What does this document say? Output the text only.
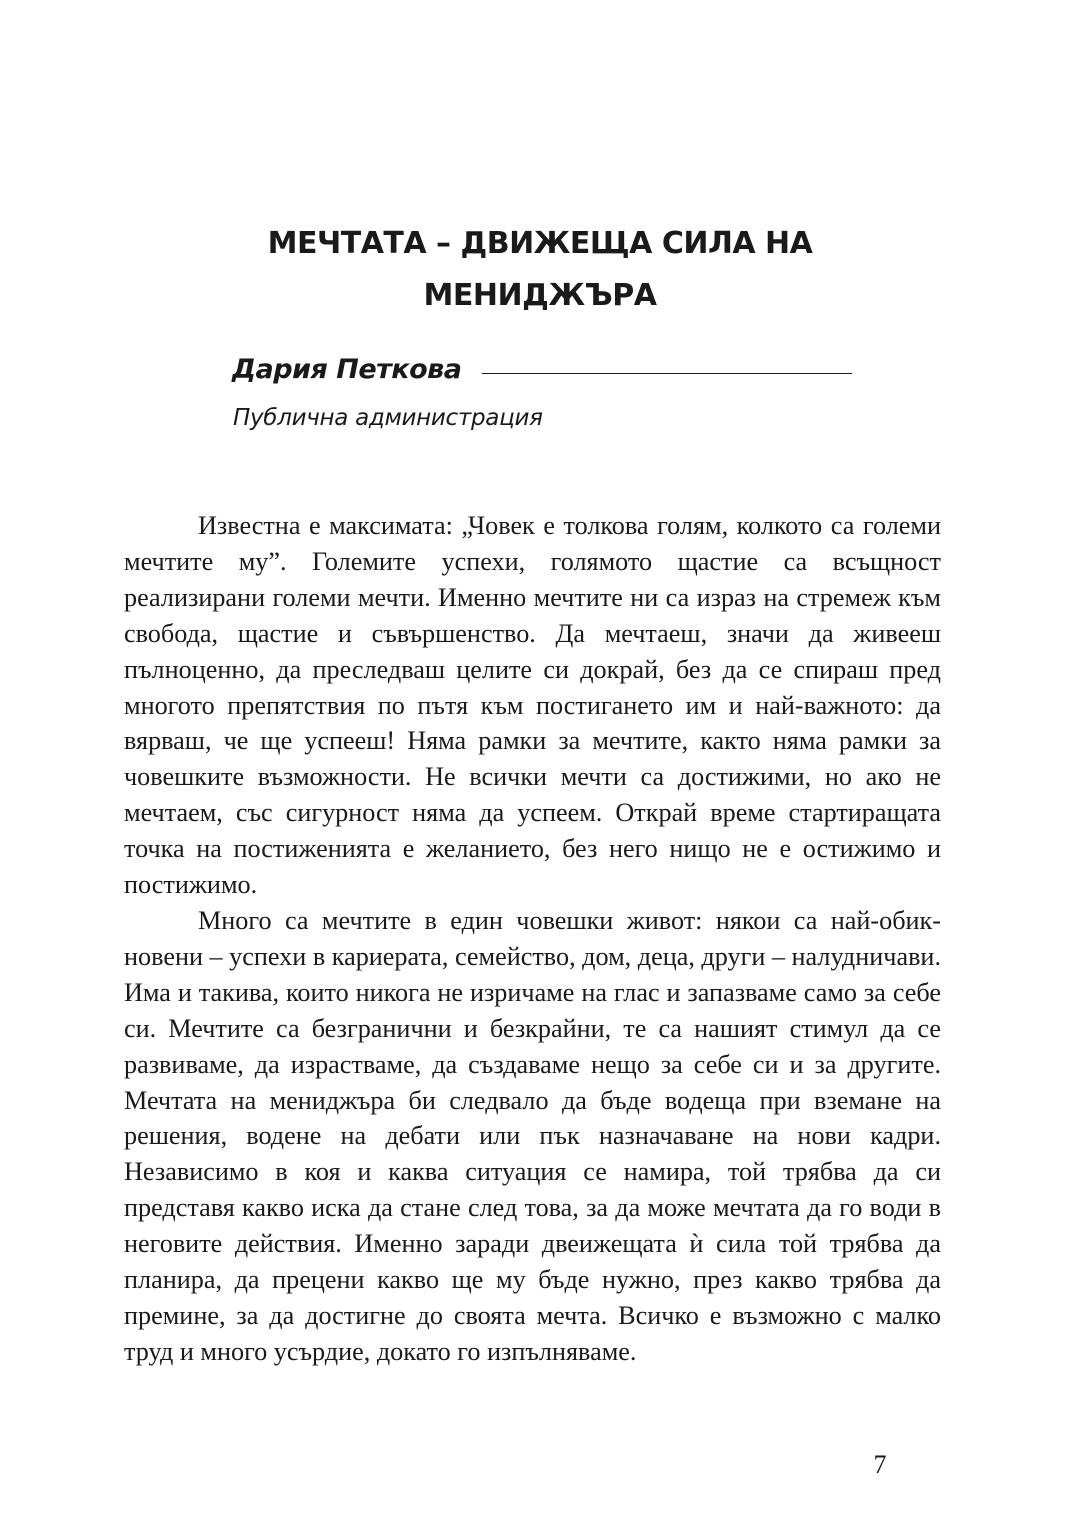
МЕЧТАТА – ДВИЖЕЩА СИЛА НА
МЕНИДЖЪРА
Дария Петкова
Публична администрация

Известна е максимата: „Човек е толкова голям, колкото са големи мечтите му”. Големите успехи, голямото щастие са всъщност реализирани големи мечти. Именно мечтите ни са израз на стремеж към свобода, щастие и съвършенство. Да мечтаеш, значи да живееш пълноценно, да преследваш целите си докрай, без да се спираш пред многото препятствия по пътя към постигането им и най-важното: да вярваш, че ще успееш! Няма рамки за мечтите, както няма рамки за човешките възможности. Не всички мечти са достижими, но ако не мечтаем, със сигурност няма да успеем. Открай време стартиращата точка на постиженията е желанието, без него нищо не е остижимо и постижимо.

Много са мечтите в един човешки живот: някои са най-обикновени – успехи в кариерата, семейство, дом, деца, други – налудничави. Има и такива, които никога не изричаме на глас и запазваме само за себе си. Мечтите са безгранични и безкрайни, те са нашият стимул да се развиваме, да израстваме, да създаваме нещо за себе си и за другите. Мечтата на мениджъра би следвало да бъде водеща при вземане на решения, водене на дебати или пък назначаване на нови кадри. Независимо в коя и каква ситуация се намира, той трябва да си представя какво иска да стане след това, за да може мечтата да го води в неговите действия. Именно заради двеижещата ѝ сила той трябва да планира, да прецени какво ще му бъде нужно, през какво трябва да премине, за да достигне до своята мечта. Всичко е възможно с малко труд и много усърдие, докато го изпълняваме.

7
